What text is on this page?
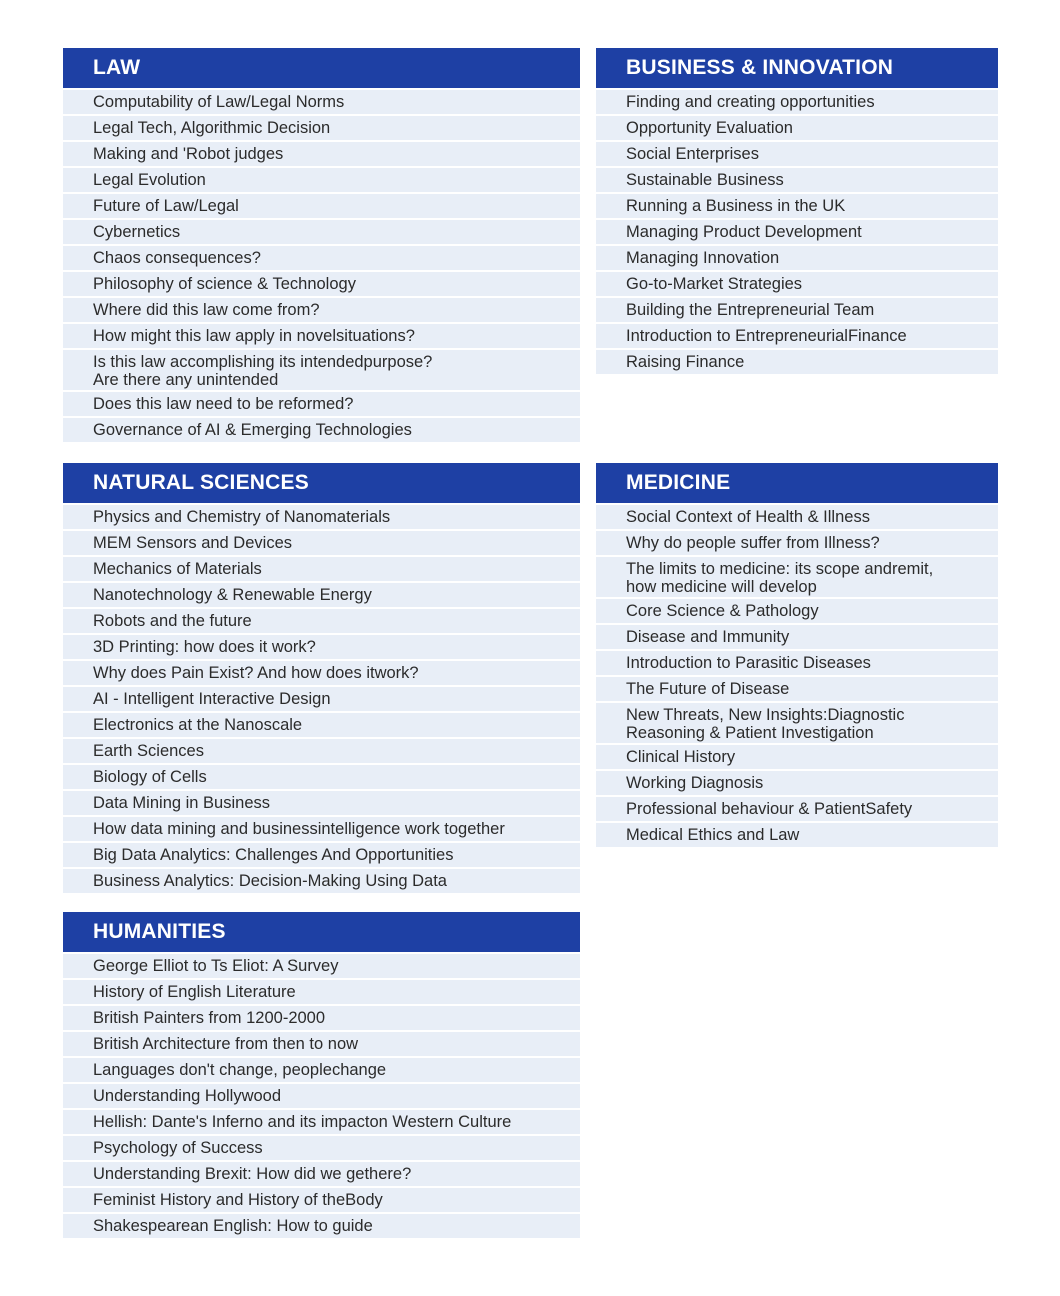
LAW
Computability of Law/Legal Norms
Legal Tech, Algorithmic Decision
Making and 'Robot judges
Legal Evolution
Future of Law/Legal
Cybernetics
Chaos consequences?
Philosophy of science & Technology
Where did this law come from?
How might this law apply in novelsituations?
Is this law accomplishing its intendedpurpose?
Are there any unintended
Does this law need to be reformed?
Governance of AI & Emerging Technologies
BUSINESS & INNOVATION
Finding and creating opportunities
Opportunity Evaluation
Social Enterprises
Sustainable Business
Running a Business in the UK
Managing Product Development
Managing Innovation
Go-to-Market Strategies
Building the Entrepreneurial Team
Introduction to EntrepreneurialFinance
Raising Finance
NATURAL SCIENCES
Physics and Chemistry of Nanomaterials
MEM Sensors and Devices
Mechanics of Materials
Nanotechnology & Renewable Energy
Robots and the future
3D Printing: how does it work?
Why does Pain Exist? And how does itwork?
AI - Intelligent Interactive Design
Electronics at the Nanoscale
Earth Sciences
Biology of Cells
Data Mining in Business
How data mining and businessintelligence work together
Big Data Analytics: Challenges And Opportunities
Business Analytics: Decision-Making Using Data
MEDICINE
Social Context of Health & Illness
Why do people suffer from Illness?
The limits to medicine: its scope andremit,
how medicine will develop
Core Science & Pathology
Disease and Immunity
Introduction to Parasitic Diseases
The Future of Disease
New Threats, New Insights:Diagnostic
Reasoning & Patient Investigation
Clinical History
Working Diagnosis
Professional behaviour & PatientSafety
Medical Ethics and Law
HUMANITIES
George Elliot to Ts Eliot: A Survey
History of English Literature
British Painters from 1200-2000
British Architecture from then to now
Languages don't change, peoplechange
Understanding Hollywood
Hellish: Dante's Inferno and its impacton Western Culture
Psychology of Success
Understanding Brexit: How did we gethere?
Feminist History and History of theBody
Shakespearean English: How to guide
